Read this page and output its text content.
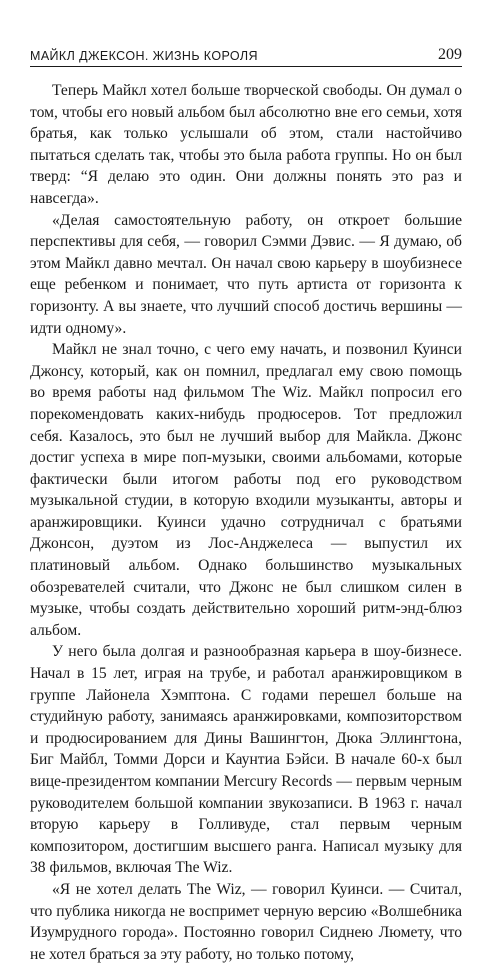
МАЙКЛ ДЖЕКСОН. ЖИЗНЬ КОРОЛЯ	209

Теперь Майкл хотел больше творческой свободы. Он думал о том, чтобы его новый альбом был абсолютно вне его семьи, хотя братья, как только услышали об этом, стали настойчиво пытаться сделать так, чтобы это была работа группы. Но он был тверд: “Я делаю это один. Они должны понять это раз и навсегда».

«Делая самостоятельную работу, он откроет большие перспективы для себя, — говорил Сэмми Дэвис. — Я думаю, об этом Майкл давно мечтал. Он начал свою карьеру в шоубизнесе еще ребенком и понимает, что путь артиста от горизонта к горизонту. А вы знаете, что лучший способ достичь вершины — идти одному».

Майкл не знал точно, с чего ему начать, и позвонил Куинси Джонсу, который, как он помнил, предлагал ему свою помощь во время работы над фильмом The Wiz. Майкл попросил его порекомендовать каких-нибудь продюсеров. Тот предложил себя. Казалось, это был не лучший выбор для Майкла. Джонс достиг успеха в мире поп-музыки, своими альбомами, которые фактически были итогом работы под его руководством музыкальной студии, в которую входили музыканты, авторы и аранжировщики. Куинси удачно сотрудничал с братьями Джонсон, дуэтом из Лос-Анджелеса — выпустил их платиновый альбом. Однако большинство музыкальных обозревателей считали, что Джонс не был слишком силен в музыке, чтобы создать действительно хороший ритм-энд-блюз альбом.

У него была долгая и разнообразная карьера в шоу-бизнесе. Начал в 15 лет, играя на трубе, и работал аранжировщиком в группе Лайонела Хэмптона. С годами перешел больше на студийную работу, занимаясь аранжировками, композиторством и продюсированием для Дины Вашингтон, Дюка Эллингтона, Биг Майбл, Томми Дорси и Каунтиа Бэйси. В начале 60-х был вице-президентом компании Mercury Records — первым черным руководителем большой компании звукозаписи. В 1963 г. начал вторую карьеру в Голливуде, стал первым черным композитором, достигшим высшего ранга. Написал музыку для 38 фильмов, включая The Wiz.

«Я не хотел делать The Wiz, — говорил Куинси. — Считал, что публика никогда не воспримет черную версию «Волшебника Изумрудного города». Постоянно говорил Сиднею Люмету, что не хотел браться за эту работу, но только потому,
